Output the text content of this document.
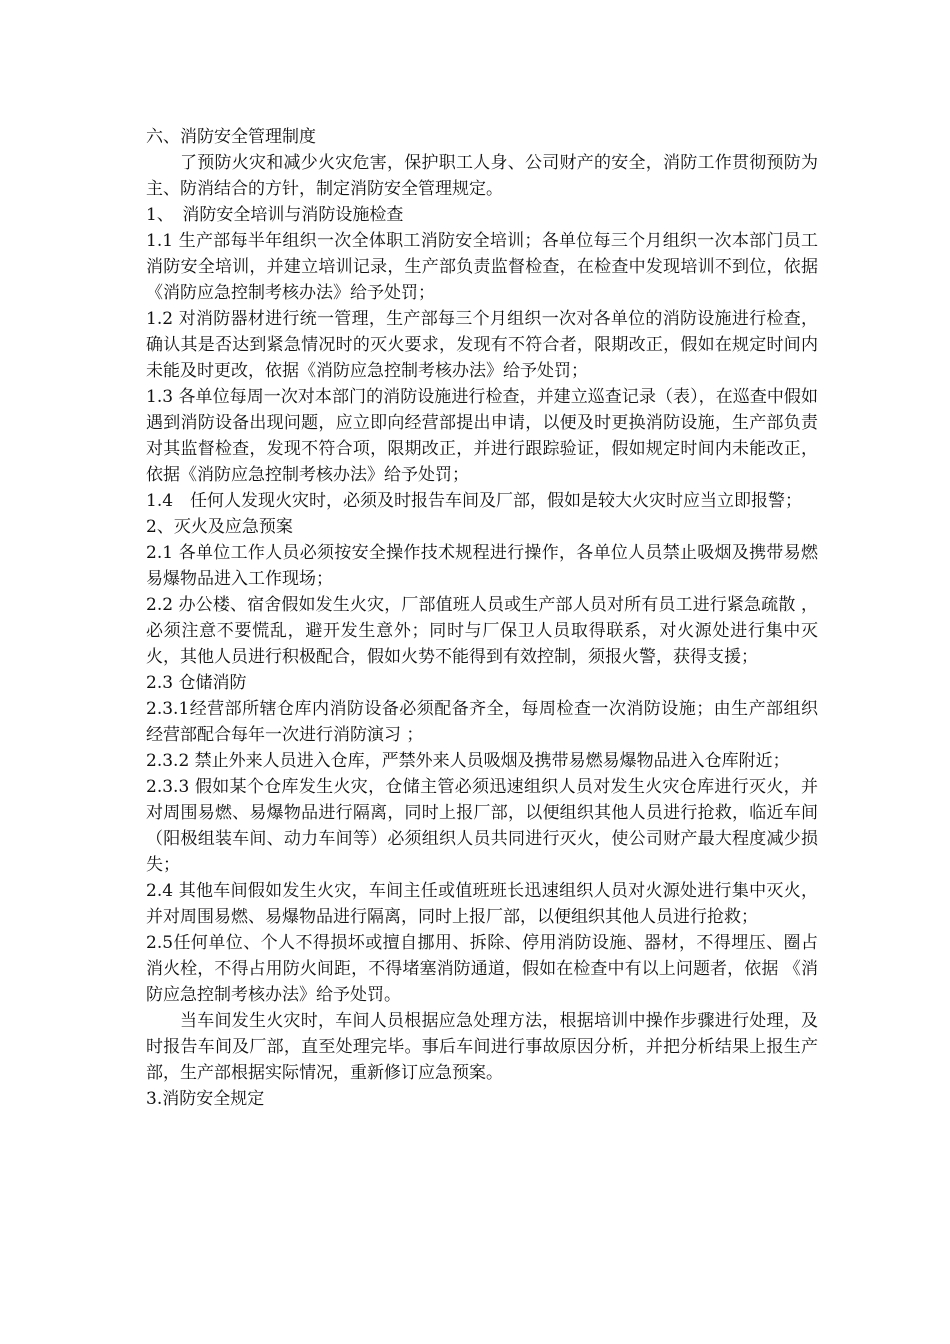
六、消防安全管理制度

了预防火灾和减少火灾危害，保护职工人身、公司财产的安全，消防工作贯彻预防为主、防消结合的方针，制定消防安全管理规定。

1、　消防安全培训与消防设施检查

1.1 生产部每半年组织一次全体职工消防安全培训；各单位每三个月组织一次本部门员工消防安全培训，并建立培训记录，生产部负责监督检查，在检查中发现培训不到位，依据《消防应急控制考核办法》给予处罚；

1.2 对消防器材进行统一管理，生产部每三个月组织一次对各单位的消防设施进行检查，确认其是否达到紧急情况时的灭火要求，发现有不符合者，限期改正，假如在规定时间内未能及时更改，依据《消防应急控制考核办法》给予处罚；

1.3 各单位每周一次对本部门的消防设施进行检查，并建立巡查记录（表），在巡查中假如遇到消防设备出现问题，应立即向经营部提出申请，以便及时更换消防设施，生产部负责对其监督检查，发现不符合项，限期改正，并进行跟踪验证，假如规定时间内未能改正，依据《消防应急控制考核办法》给予处罚；

1.4　任何人发现火灾时，必须及时报告车间及厂部，假如是较大火灾时应当立即报警；

2、灭火及应急预案

2.1 各单位工作人员必须按安全操作技术规程进行操作，各单位人员禁止吸烟及携带易燃易爆物品进入工作现场；

2.2 办公楼、宿舍假如发生火灾，厂部值班人员或生产部人员对所有员工进行紧急疏散 ，必须注意不要慌乱，避开发生意外；同时与厂保卫人员取得联系，对火源处进行集中灭火，其他人员进行积极配合，假如火势不能得到有效控制，须报火警，获得支援；

2.3 仓储消防

2.3.1经营部所辖仓库内消防设备必须配备齐全，每周检查一次消防设施；由生产部组织经营部配合每年一次进行消防演习 ；

2.3.2 禁止外来人员进入仓库，严禁外来人员吸烟及携带易燃易爆物品进入仓库附近；

2.3.3 假如某个仓库发生火灾，仓储主管必须迅速组织人员对发生火灾仓库进行灭火，并对周围易燃、易爆物品进行隔离，同时上报厂部，以便组织其他人员进行抢救，临近车间（阳极组装车间、动力车间等）必须组织人员共同进行灭火，使公司财产最大程度减少损失；

2.4 其他车间假如发生火灾，车间主任或值班班长迅速组织人员对火源处进行集中灭火，并对周围易燃、易爆物品进行隔离，同时上报厂部，以便组织其他人员进行抢救；

2.5任何单位、个人不得损坏或擅自挪用、拆除、停用消防设施、器材，不得埋压、圈占消火栓，不得占用防火间距，不得堵塞消防通道，假如在检查中有以上问题者，依据 《消防应急控制考核办法》给予处罚。

当车间发生火灾时，车间人员根据应急处理方法，根据培训中操作步骤进行处理，及时报告车间及厂部，直至处理完毕。事后车间进行事故原因分析，并把分析结果上报生产部，生产部根据实际情况，重新修订应急预案。

3.消防安全规定
